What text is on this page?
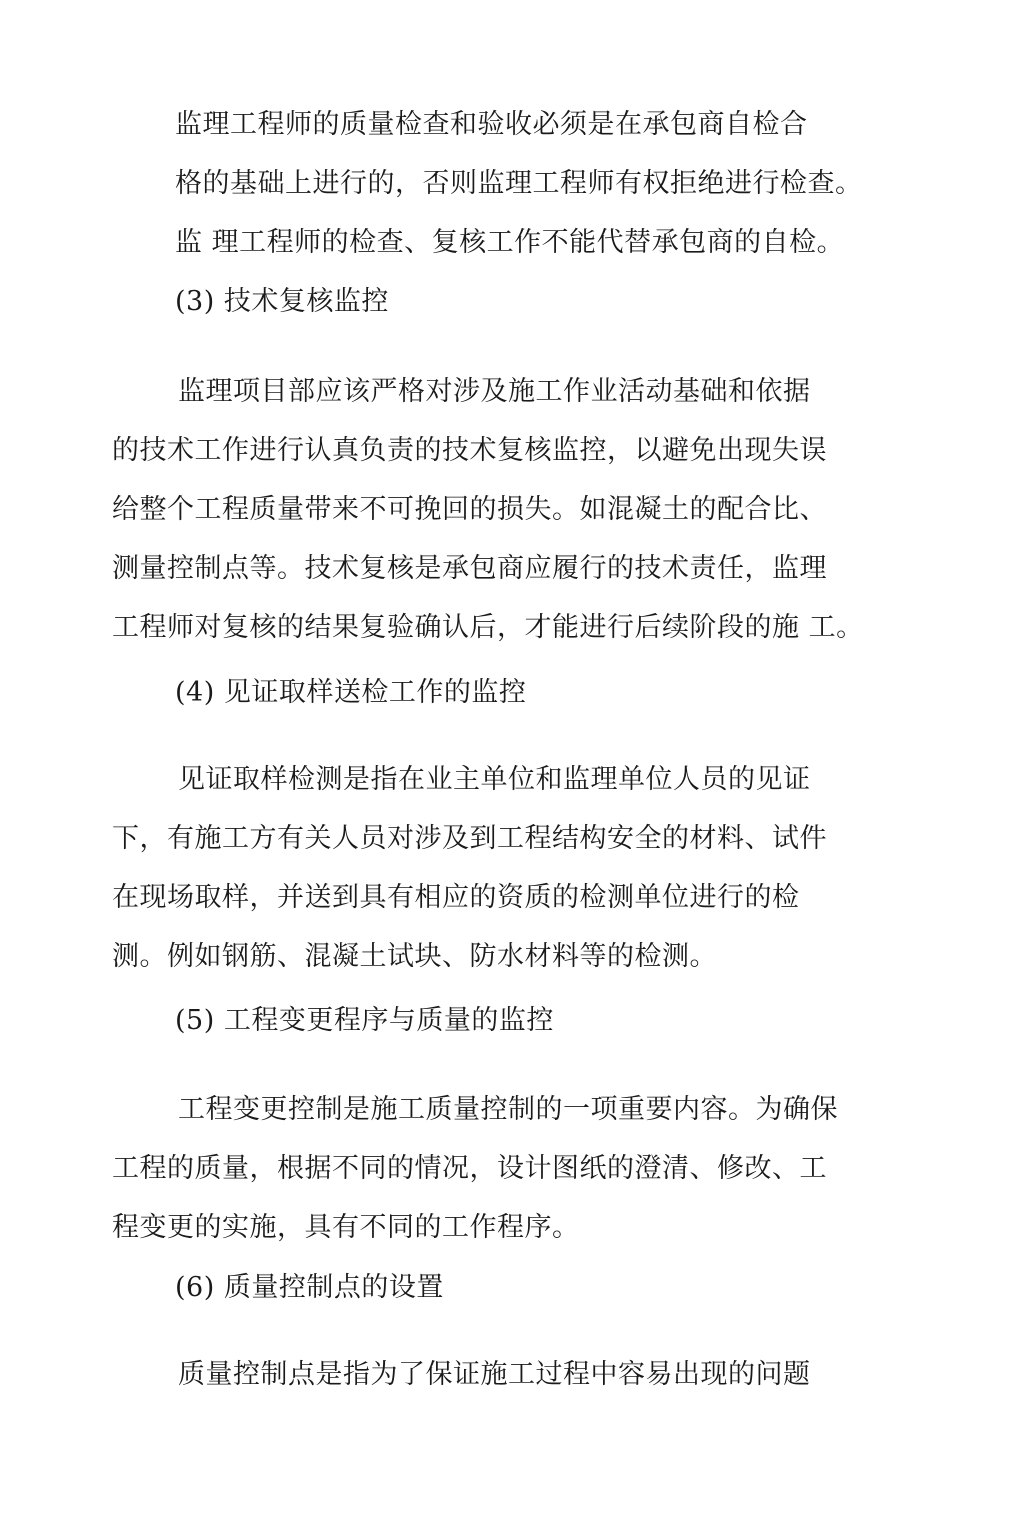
监理工程师的质量检查和验收必须是在承包商自检合
格的基础上进行的，否则监理工程师有权拒绝进行检查。
监 理工程师的检查、复核工作不能代替承包商的自检。
(3) 技术复核监控
监理项目部应该严格对涉及施工作业活动基础和依据
的技术工作进行认真负责的技术复核监控，以避免出现失误
给整个工程质量带来不可挽回的损失。如混凝土的配合比、
测量控制点等。技术复核是承包商应履行的技术责任，监理
工程师对复核的结果复验确认后，才能进行后续阶段的施 工。
(4) 见证取样送检工作的监控
见证取样检测是指在业主单位和监理单位人员的见证
下，有施工方有关人员对涉及到工程结构安全的材料、试件
在现场取样，并送到具有相应的资质的检测单位进行的检
测。例如钢筋、混凝土试块、防水材料等的检测。
(5) 工程变更程序与质量的监控
工程变更控制是施工质量控制的一项重要内容。为确保
工程的质量，根据不同的情况，设计图纸的澄清、修改、工
程变更的实施，具有不同的工作程序。
(6) 质量控制点的设置
质量控制点是指为了保证施工过程中容易出现的问题
